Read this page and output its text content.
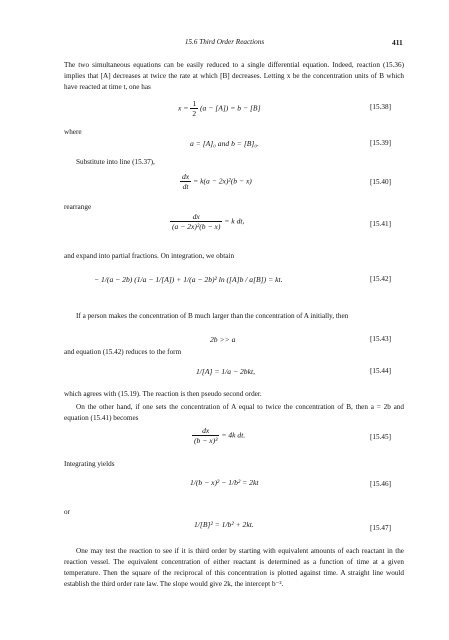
15.6 Third Order Reactions	411

The two simultaneous equations can be easily reduced to a single differential equation. Indeed, reaction (15.36) implies that [A] decreases at twice the rate at which [B] decreases. Letting x be the concentration units of B which have reacted at time t, one has

$x = \frac{1}{2} (a - [A]) = b - [B]$	[15.38]
where
a = [A]₀ and b = [B]₀.	[15.39]
Substitute into line (15.37),
$\frac{dx}{dt} = k(a - 2x)^2(b - x)$	[15.40]
rearrange
$\frac{dx}{\text{(a − 2x)²(b − x)}} = k$ dt,	[15.41]
and expand into partial fractions. On integration, we obtain
− 1/(a − 2b) (1/a − 1/[A]) + 1/(a − 2b)² ln ([A]b / a[B]) = kt.	[15.42]

If a person makes the concentration of B much larger than the concentration of A initially, then

2b >> a	[15.43]
and equation (15.42) reduces to the form
1/[A] = 1/a − 2bkt,	[15.44]
which agrees with (15.19). The reaction is then pseudo second order.

On the other hand, if one sets the concentration of A equal to twice the concentration of B, then a = 2b and equation (15.41) becomes

$\frac{dx}{\text{(b − x)³}} = 4k$ dt.	[15.45]
Integrating yields
1/(b − x)² − 1/b² = 2kt	[15.46]
or
1/[B]² = 1/b² + 2kt.	[15.47]

One may test the reaction to see if it is third order by starting with equivalent amounts of each reactant in the reaction vessel. The equivalent concentration of either reactant is determined as a function of time at a given temperature. Then the square of the reciprocal of this concentration is plotted against time. A straight line would establish the third order rate law. The slope would give 2k, the intercept b⁻².
